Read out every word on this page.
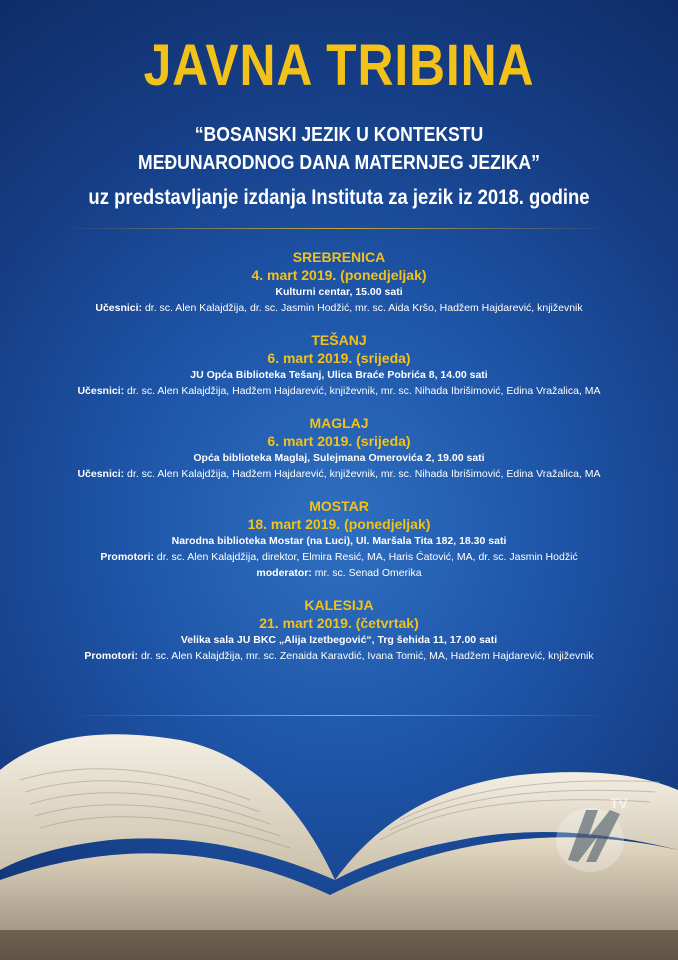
JAVNA TRIBINA
“BOSANSKI JEZIK U KONTEKSTU
MEĐUNARODNOG DANA MATERNJEG JEZIKA”
uz predstavljanje izdanja Instituta za jezik iz 2018. godine
SREBRENICA
4. mart 2019. (ponedjeljak)
Kulturni centar, 15.00 sati
Učesnici: dr. sc. Alen Kalajdžija, dr. sc. Jasmin Hodžić, mr. sc. Aida Kršo, Hadžem Hajdarević, književnik
TEŠANJ
6. mart 2019. (srijeda)
JU Opća Biblioteka Tešanj, Ulica Braće Pobrića 8, 14.00 sati
Učesnici: dr. sc. Alen Kalajdžija, Hadžem Hajdarević, književnik, mr. sc. Nihada Ibrišimović, Edina Vražalica, MA
MAGLAJ
6. mart 2019. (srijeda)
Opća biblioteka Maglaj, Sulejmana Omerovića 2, 19.00 sati
Učesnici: dr. sc. Alen Kalajdžija, Hadžem Hajdarević, književnik, mr. sc. Nihada Ibrišimović, Edina Vražalica, MA
MOSTAR
18. mart 2019. (ponedjeljak)
Narodna biblioteka Mostar (na Luci), Ul. Maršala Tita 182, 18.30 sati
Promotori: dr. sc. Alen Kalajdžija, direktor, Elmira Resić, MA, Haris Ćatović, MA, dr. sc. Jasmin Hodžić
moderator: mr. sc. Senad Omerika
KALESIJA
21. mart 2019. (četvrtak)
Velika sala JU BKC „Alija Izetbegović“, Trg šehida 11, 17.00 sati
Promotori: dr. sc. Alen Kalajdžija, mr. sc. Zenaida Karavdić, Ivana Tomić, MA, Hadžem Hajdarević, književnik
TV
